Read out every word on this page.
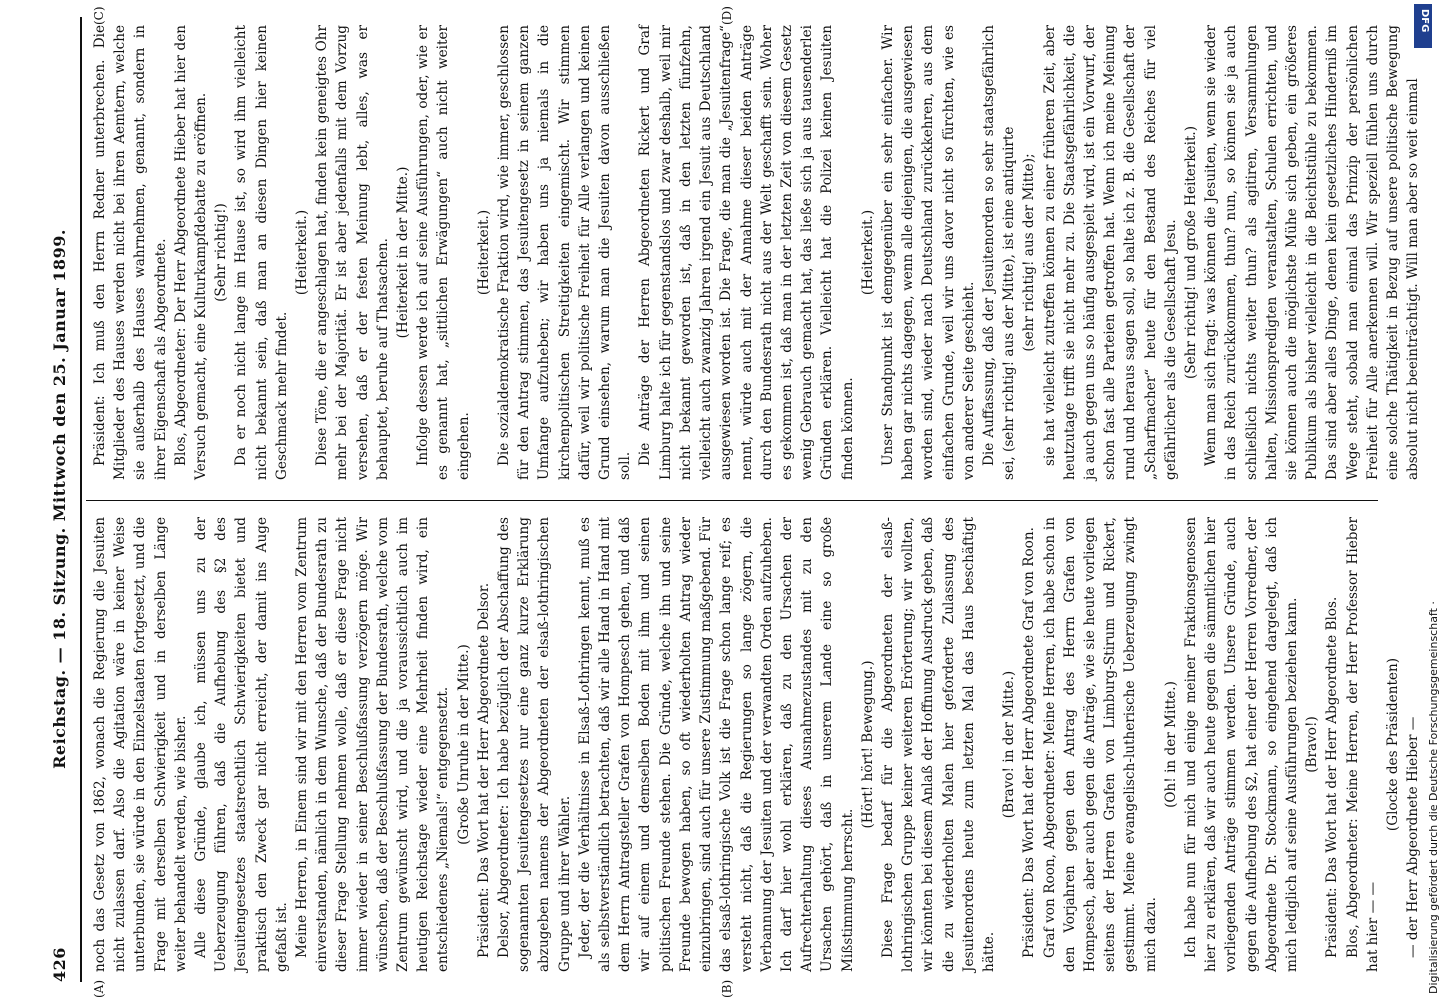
426
Reichstag. — 18. Sitzung. Mittwoch den 25. Januar 1899.
(A)	(B)
(C)	(D)

noch das Gesetz von 1862, wonach die Regierung die Jesuiten nicht zulassen darf. Also die Agitation wäre in keiner Weise unterbunden, sie würde in den Einzelstaaten fortgesetzt, und die Frage mit derselben Schwierigkeit und in derselben Länge weiter behandelt werden, wie bisher. Alle diese Gründe, glaube ich, müssen uns zu der Ueberzeugung führen, daß die Aufhebung des §2 des Jesuitengesetzes staatsrechtlich Schwierigkeiten bietet und praktisch den Zweck gar nicht erreicht, der damit ins Auge gefaßt ist. Meine Herren, in Einem sind wir mit den Herren vom Zentrum einverstanden, nämlich in dem Wunsche, daß der Bundesrath zu dieser Frage Stellung nehmen wolle, daß er diese Frage nicht immer wieder in seiner Beschlußfassung verzögern möge. Wir wünschen, daß der Beschlußfassung der Bundesrath, welche vom Zentrum gewünscht wird, und die ja voraussichtlich auch im heutigen Reichstage wieder eine Mehrheit finden wird, ein entschiedenes „Niemals!“ entgegensetzt. (Große Unruhe in der Mitte.) Präsident: Das Wort hat der Herr Abgeordnete Delsor. Delsor, Abgeordneter: Ich habe bezüglich der Abschaffung des sogenannten Jesuitengesetzes nur eine ganz kurze Erklärung abzugeben namens der Abgeordneten der elsaß-lothringischen Gruppe und ihrer Wähler. Jeder, der die Verhältnisse in Elsaß-Lothringen kennt, muß es als selbstverständlich betrachten, daß wir alle Hand in Hand mit dem Herrn Antragsteller Grafen von Hompesch gehen, und daß wir auf einem und demselben Boden mit ihm und seinen politischen Freunde stehen. Die Gründe, welche ihn und seine Freunde bewogen haben, so oft wiederholten Antrag wieder einzubringen, sind auch für unsere Zustimmung maßgebend. Für das elsaß-lothringische Volk ist die Frage schon lange reif; es versteht nicht, daß die Regierungen so lange zögern, die Verbannung der Jesuiten und der verwandten Orden aufzuheben. Ich darf hier wohl erklären, daß zu den Ursachen der Aufrechterhaltung dieses Ausnahmezustandes mit zu den Ursachen gehört, daß in unserem Lande eine so große Mißstimmung herrscht.

(Hört! hört! Bewegung.) Diese Frage bedarf für die Abgeordneten der elsaß-lothringischen Gruppe keiner weiteren Erörterung; wir wollten, wir könnten bei diesem Anlaß der Hoffnung Ausdruck geben, daß die zu wiederholten Malen hier geforderte Zulassung des Jesuitenordens heute zum letzten Mal das Haus beschäftigt hätte.

(Bravo! in der Mitte.) Präsident: Das Wort hat der Herr Abgeordnete Graf von Roon. Graf von Roon, Abgeordneter: Meine Herren, ich habe schon in den Vorjahren gegen den Antrag des Herrn Grafen von Hompesch, aber auch gegen die Anträge, wie sie heute vorliegen seitens der Herren Grafen von Limburg-Stirum und Rickert, gestimmt. Meine evangelisch-lutherische Ueberzeugung zwingt mich dazu.

(Oh! in der Mitte.) Ich habe nun für mich und einige meiner Fraktionsgenossen hier zu erklären, daß wir auch heute gegen die sämmtlichen hier vorliegenden Anträge stimmen werden. Unsere Gründe, auch gegen die Aufhebung des §2, hat einer der Herren Vorredner, der Abgeordnete Dr. Stockmann, so eingehend dargelegt, daß ich mich lediglich auf seine Ausführungen beziehen kann. (Bravo!) Präsident: Das Wort hat der Herr Abgeordnete Blos. Blos, Abgeordneter: Meine Herren, der Herr Professor Hieber hat hier — —

(Glocke des Präsidenten) — der Herr Abgeordnete Hieber —

Präsident: Ich muß den Herrn Redner unterbrechen. Die Mitglieder des Hauses werden nicht bei ihren Aemtern, welche sie außerhalb des Hauses wahrnehmen, genannt, sondern in ihrer Eigenschaft als Abgeordnete. Blos, Abgeordneter: Der Herr Abgeordnete Hieber hat hier den Versuch gemacht, eine Kulturkampfdebatte zu eröffnen. (Sehr richtig!) Da er noch nicht lange im Hause ist, so wird ihm vielleicht nicht bekannt sein, daß man an diesen Dingen hier keinen Geschmack mehr findet.

(Heiterkeit.) Diese Töne, die er angeschlagen hat, finden kein geneigtes Ohr mehr bei der Majorität. Er ist aber jedenfalls mit dem Vorzug versehen, daß er der festen Meinung lebt, alles, was er behauptet, beruhe auf Thatsachen. (Heiterkeit in der Mitte.) Infolge dessen werde ich auf seine Ausführungen, oder, wie er es genannt hat, „sittlichen Erwägungen“ auch nicht weiter eingehen.

(Heiterkeit.) Die sozialdemokratische Fraktion wird, wie immer, geschlossen für den Antrag stimmen, das Jesuitengesetz in seinem ganzen Umfange aufzuheben; wir haben uns ja niemals in die kirchenpolitischen Streitigkeiten eingemischt. Wir stimmen dafür, weil wir politische Freiheit für Alle verlangen und keinen Grund einsehen, warum man die Jesuiten davon ausschließen soll. Die Anträge der Herren Abgeordneten Rickert und Graf Limburg halte ich für gegenstandslos und zwar deshalb, weil mir nicht bekannt geworden ist, daß in den letzten fünfzehn, vielleicht auch zwanzig Jahren irgend ein Jesuit aus Deutschland ausgewiesen worden ist. Die Frage, die man die „Jesuitenfrage“ nennt, würde auch mit der Annahme dieser beiden Anträge durch den Bundesrath nicht aus der Welt geschafft sein. Woher es gekommen ist, daß man in der letzten Zeit von diesem Gesetz wenig Gebrauch gemacht hat, das ließe sich ja aus tausenderlei Gründen erklären. Vielleicht hat die Polizei keinen Jesuiten finden können.

(Heiterkeit.) Unser Standpunkt ist demgegenüber ein sehr einfacher. Wir haben gar nichts dagegen, wenn alle diejenigen, die ausgewiesen worden sind, wieder nach Deutschland zurückkehren, aus dem einfachen Grunde, weil wir uns davor nicht so fürchten, wie es von anderer Seite geschieht. Die Auffassung, daß der Jesuitenorden so sehr staatsgefährlich sei, (sehr richtig! aus der Mitte), ist eine antiquirte (sehr richtig! aus der Mitte); sie hat vielleicht zutreffen können zu einer früheren Zeit, aber heutzutage trifft sie nicht mehr zu. Die Staatsgefährlichkeit, die ja auch gegen uns so häufig ausgespielt wird, ist ein Vorwurf, der schon fast alle Parteien getroffen hat. Wenn ich meine Meinung rund und heraus sagen soll, so halte ich z. B. die Gesellschaft der „Scharfmacher“ heute für den Bestand des Reiches für viel gefährlicher als die Gesellschaft Jesu. (Sehr richtig! und große Heiterkeit.) Wenn man sich fragt: was können die Jesuiten, wenn sie wieder in das Reich zurückkommen, thun? nun, so können sie ja auch schließlich nichts weiter thun? als agitiren, Versammlungen halten, Missionspredigten veranstalten, Schulen errichten, und sie können auch die möglichste Mühe sich geben, ein größeres Publikum als bisher vielleicht in die Beichtstühle zu bekommen. Das sind aber alles Dinge, denen kein gesetzliches Hinderniß im Wege steht, sobald man einmal das Prinzip der persönlichen Freiheit für Alle anerkennen will. Wir speziell fühlen uns durch eine solche Thätigkeit in Bezug auf unsere politische Bewegung absolut nicht beeinträchtigt. Will man aber so weit einmal

Digitalisierung gefördert durch die Deutsche Forschungsgemeinschaft ·
DFG
